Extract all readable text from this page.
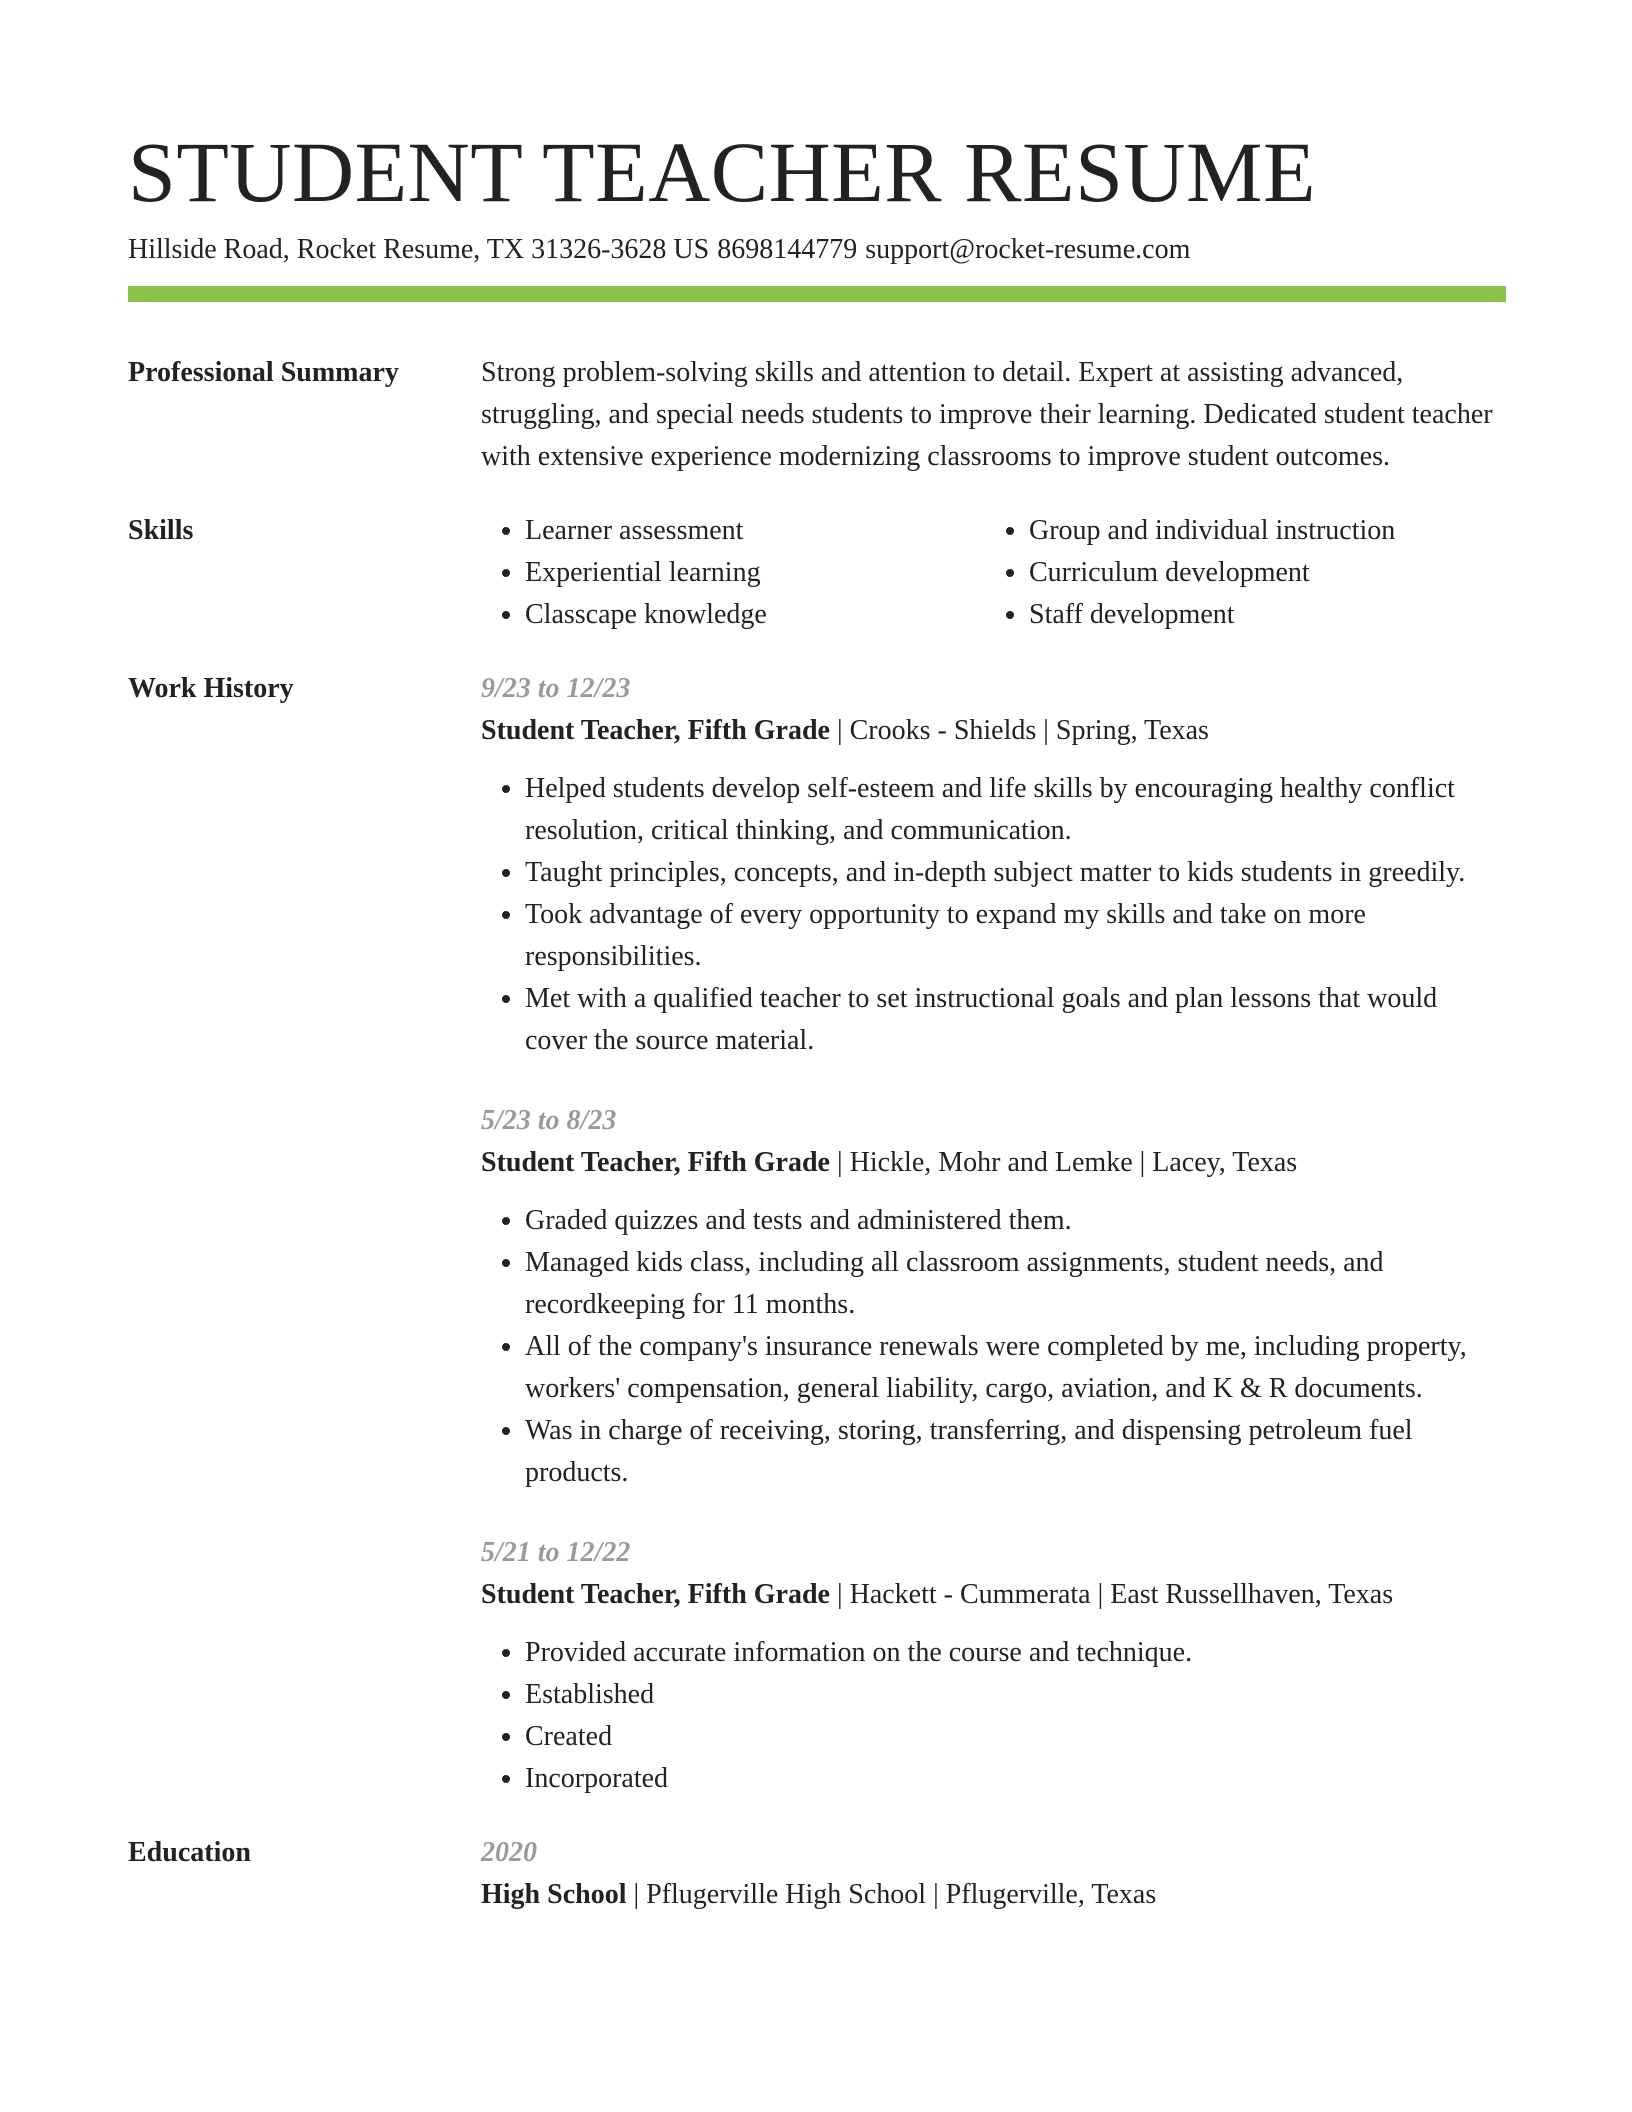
STUDENT TEACHER RESUME
Hillside Road, Rocket Resume, TX 31326-3628 US 8698144779 support@rocket-resume.com
Professional Summary	Strong problem-solving skills and attention to detail. Expert at assisting advanced, struggling, and special needs students to improve their learning. Dedicated student teacher with extensive experience modernizing classrooms to improve student outcomes.

Skills
•	Learner assessment
• Experiential learning
• Classcape knowledge
• Group and individual instruction
• Curriculum development
• Staff development
Work History	9/23 to 12/23
Student Teacher, Fifth Grade | Crooks - Shields | Spring, Texas
• Helped students develop self-esteem and life skills by encouraging healthy conflict resolution, critical thinking, and communication.
• Taught principles, concepts, and in-depth subject matter to kids students in greedily.
• Took advantage of every opportunity to expand my skills and take on more responsibilities.
• Met with a qualified teacher to set instructional goals and plan lessons that would cover the source material.
5/23 to 8/23
Student Teacher, Fifth Grade | Hickle, Mohr and Lemke | Lacey, Texas
• Graded quizzes and tests and administered them.
• Managed kids class, including all classroom assignments, student needs, and recordkeeping for 11 months.
• All of the company's insurance renewals were completed by me, including property, workers' compensation, general liability, cargo, aviation, and K & R documents.
• Was in charge of receiving, storing, transferring, and dispensing petroleum fuel products.
5/21 to 12/22
Student Teacher, Fifth Grade | Hackett - Cummerata | East Russellhaven, Texas
• Provided accurate information on the course and technique.
• Established
• Created
• Incorporated
Education	2020
High School | Pflugerville High School | Pflugerville, Texas
